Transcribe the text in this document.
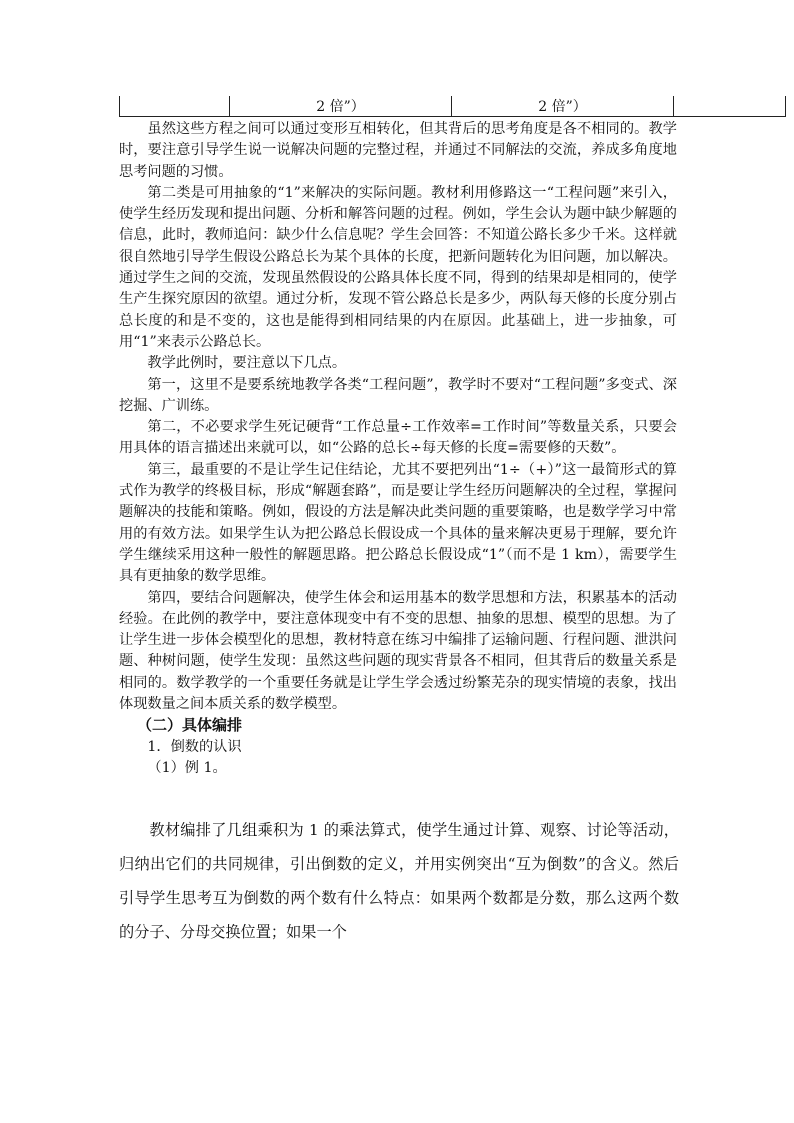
	2 倍”）	2 倍”）	

虽然这些方程之间可以通过变形互相转化，但其背后的思考角度是各不相同的。教学时，要注意引导学生说一说解决问题的完整过程，并通过不同解法的交流，养成多角度地思考问题的习惯。

第二类是可用抽象的“1”来解决的实际问题。教材利用修路这一“工程问题”来引入，使学生经历发现和提出问题、分析和解答问题的过程。例如，学生会认为题中缺少解题的信息，此时，教师追问：缺少什么信息呢？学生会回答：不知道公路长多少千米。这样就很自然地引导学生假设公路总长为某个具体的长度，把新问题转化为旧问题，加以解决。通过学生之间的交流，发现虽然假设的公路具体长度不同，得到的结果却是相同的，使学生产生探究原因的欲望。通过分析，发现不管公路总长是多少，两队每天修的长度分别占总长度的和是不变的，这也是能得到相同结果的内在原因。此基础上，进一步抽象，可用“1”来表示公路总长。

教学此例时，要注意以下几点。

第一，这里不是要系统地教学各类“工程问题”，教学时不要对“工程问题”多变式、深挖掘、广训练。

第二，不必要求学生死记硬背“工作总量÷工作效率=工作时间”等数量关系，只要会用具体的语言描述出来就可以，如“公路的总长÷每天修的长度=需要修的天数”。

第三，最重要的不是让学生记住结论，尤其不要把列出“1÷（+）”这一最简形式的算式作为教学的终极目标，形成“解题套路”，而是要让学生经历问题解决的全过程，掌握问题解决的技能和策略。例如，假设的方法是解决此类问题的重要策略，也是数学学习中常用的有效方法。如果学生认为把公路总长假设成一个具体的量来解决更易于理解，要允许学生继续采用这种一般性的解题思路。把公路总长假设成“1”（而不是 1 km），需要学生具有更抽象的数学思维。

第四，要结合问题解决，使学生体会和运用基本的数学思想和方法，积累基本的活动经验。在此例的教学中，要注意体现变中有不变的思想、抽象的思想、模型的思想。为了让学生进一步体会模型化的思想，教材特意在练习中编排了运输问题、行程问题、泄洪问题、种树问题，使学生发现：虽然这些问题的现实背景各不相同，但其背后的数量关系是相同的。数学教学的一个重要任务就是让学生学会透过纷繁芜杂的现实情境的表象，找出体现数量之间本质关系的数学模型。

（二）具体编排

1．倒数的认识

（1）例 1。

教材编排了几组乘积为 1 的乘法算式，使学生通过计算、观察、讨论等活动，归纳出它们的共同规律，引出倒数的定义，并用实例突出“互为倒数”的含义。然后引导学生思考互为倒数的两个数有什么特点：如果两个数都是分数，那么这两个数的分子、分母交换位置；如果一个
